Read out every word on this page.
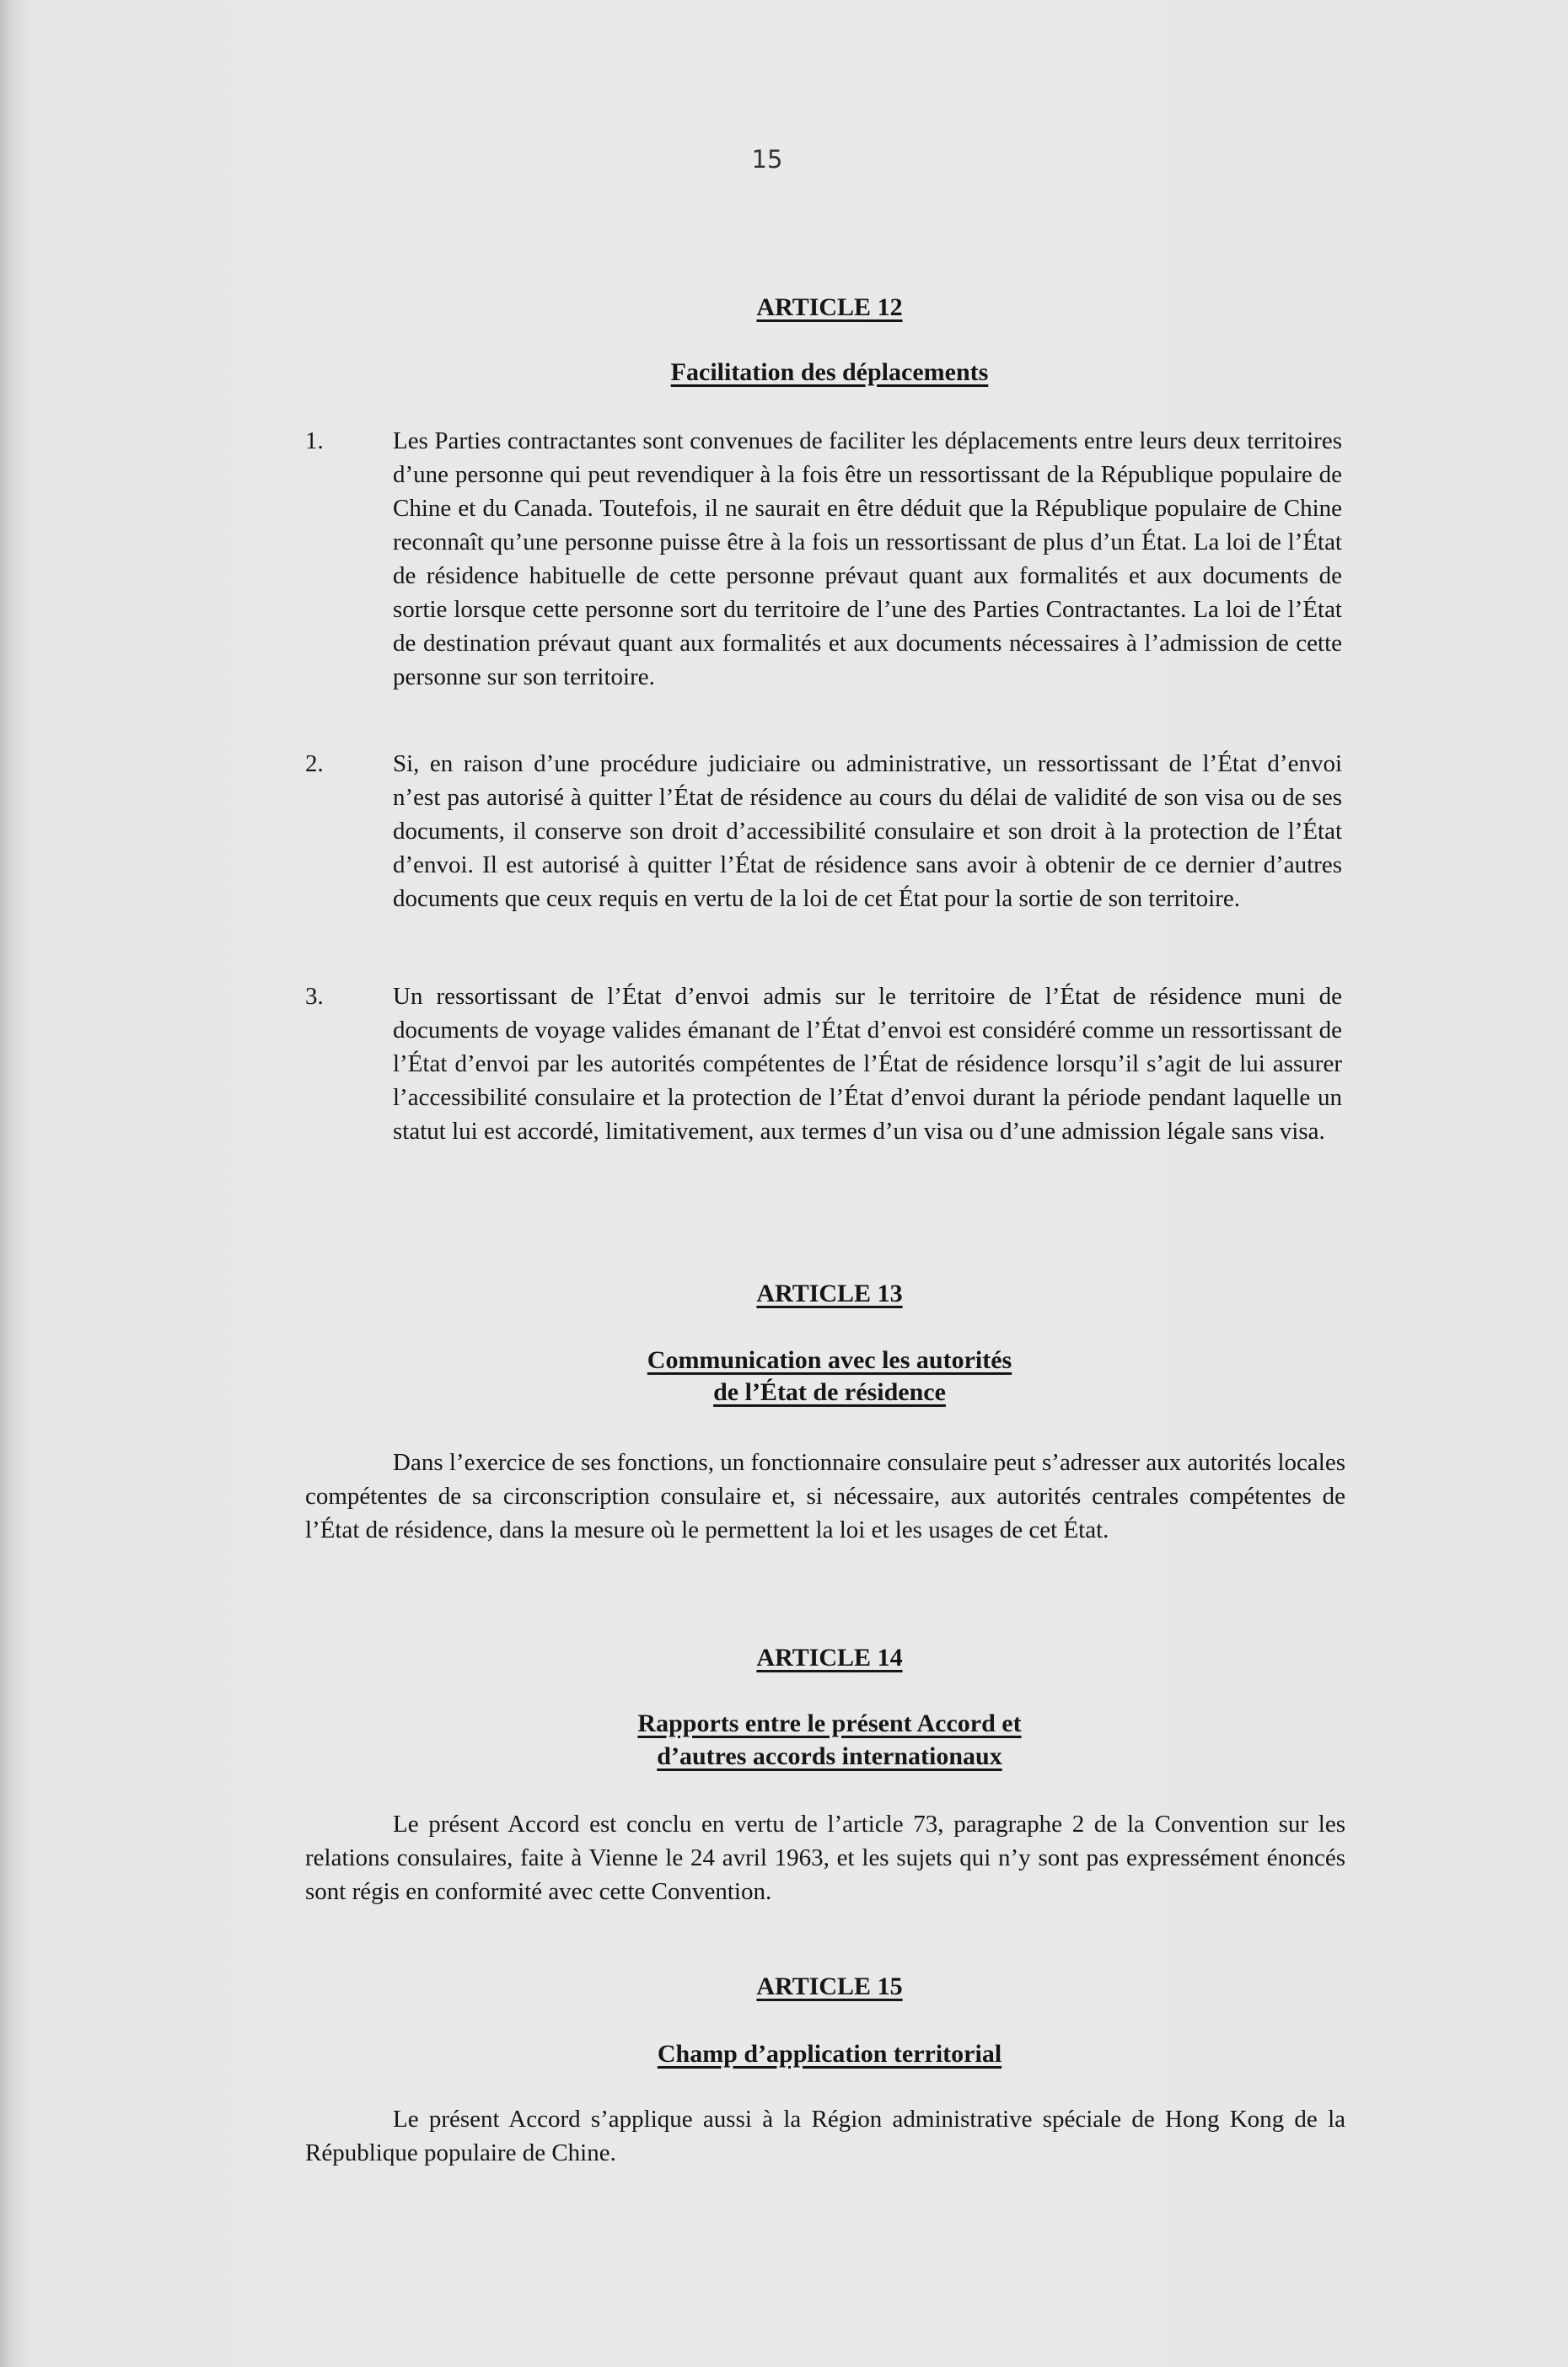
15
ARTICLE 12
Facilitation des déplacements
1.	Les Parties contractantes sont convenues de faciliter les déplacements entre leurs deux territoires d’une personne qui peut revendiquer à la fois être un ressortissant de la République populaire de Chine et du Canada. Toutefois, il ne saurait en être déduit que la République populaire de Chine reconnaît qu’une personne puisse être à la fois un ressortissant de plus d’un État. La loi de l’État de résidence habituelle de cette personne prévaut quant aux formalités et aux documents de sortie lorsque cette personne sort du territoire de l’une des Parties Contractantes. La loi de l’État de destination prévaut quant aux formalités et aux documents nécessaires à l’admission de cette personne sur son territoire.

2.	Si, en raison d’une procédure judiciaire ou administrative, un ressortissant de l’État d’envoi n’est pas autorisé à quitter l’État de résidence au cours du délai de validité de son visa ou de ses documents, il conserve son droit d’accessibilité consulaire et son droit à la protection de l’État d’envoi. Il est autorisé à quitter l’État de résidence sans avoir à obtenir de ce dernier d’autres documents que ceux requis en vertu de la loi de cet État pour la sortie de son territoire.

3.	Un ressortissant de l’État d’envoi admis sur le territoire de l’État de résidence muni de documents de voyage valides émanant de l’État d’envoi est considéré comme un ressortissant de l’État d’envoi par les autorités compétentes de l’État de résidence lorsqu’il s’agit de lui assurer l’accessibilité consulaire et la protection de l’État d’envoi durant la période pendant laquelle un statut lui est accordé, limitativement, aux termes d’un visa ou d’une admission légale sans visa.

ARTICLE 13
Communication avec les autorités
de l’État de résidence

Dans l’exercice de ses fonctions, un fonctionnaire consulaire peut s’adresser aux autorités locales compétentes de sa circonscription consulaire et, si nécessaire, aux autorités centrales compétentes de l’État de résidence, dans la mesure où le permettent la loi et les usages de cet État.

ARTICLE 14
Rapports entre le présent Accord et
d’autres accords internationaux

Le présent Accord est conclu en vertu de l’article 73, paragraphe 2 de la Convention sur les relations consulaires, faite à Vienne le 24 avril 1963, et les sujets qui n’y sont pas expressément énoncés sont régis en conformité avec cette Convention.

ARTICLE 15
Champ d’application territorial

Le présent Accord s’applique aussi à la Région administrative spéciale de Hong Kong de la République populaire de Chine.
